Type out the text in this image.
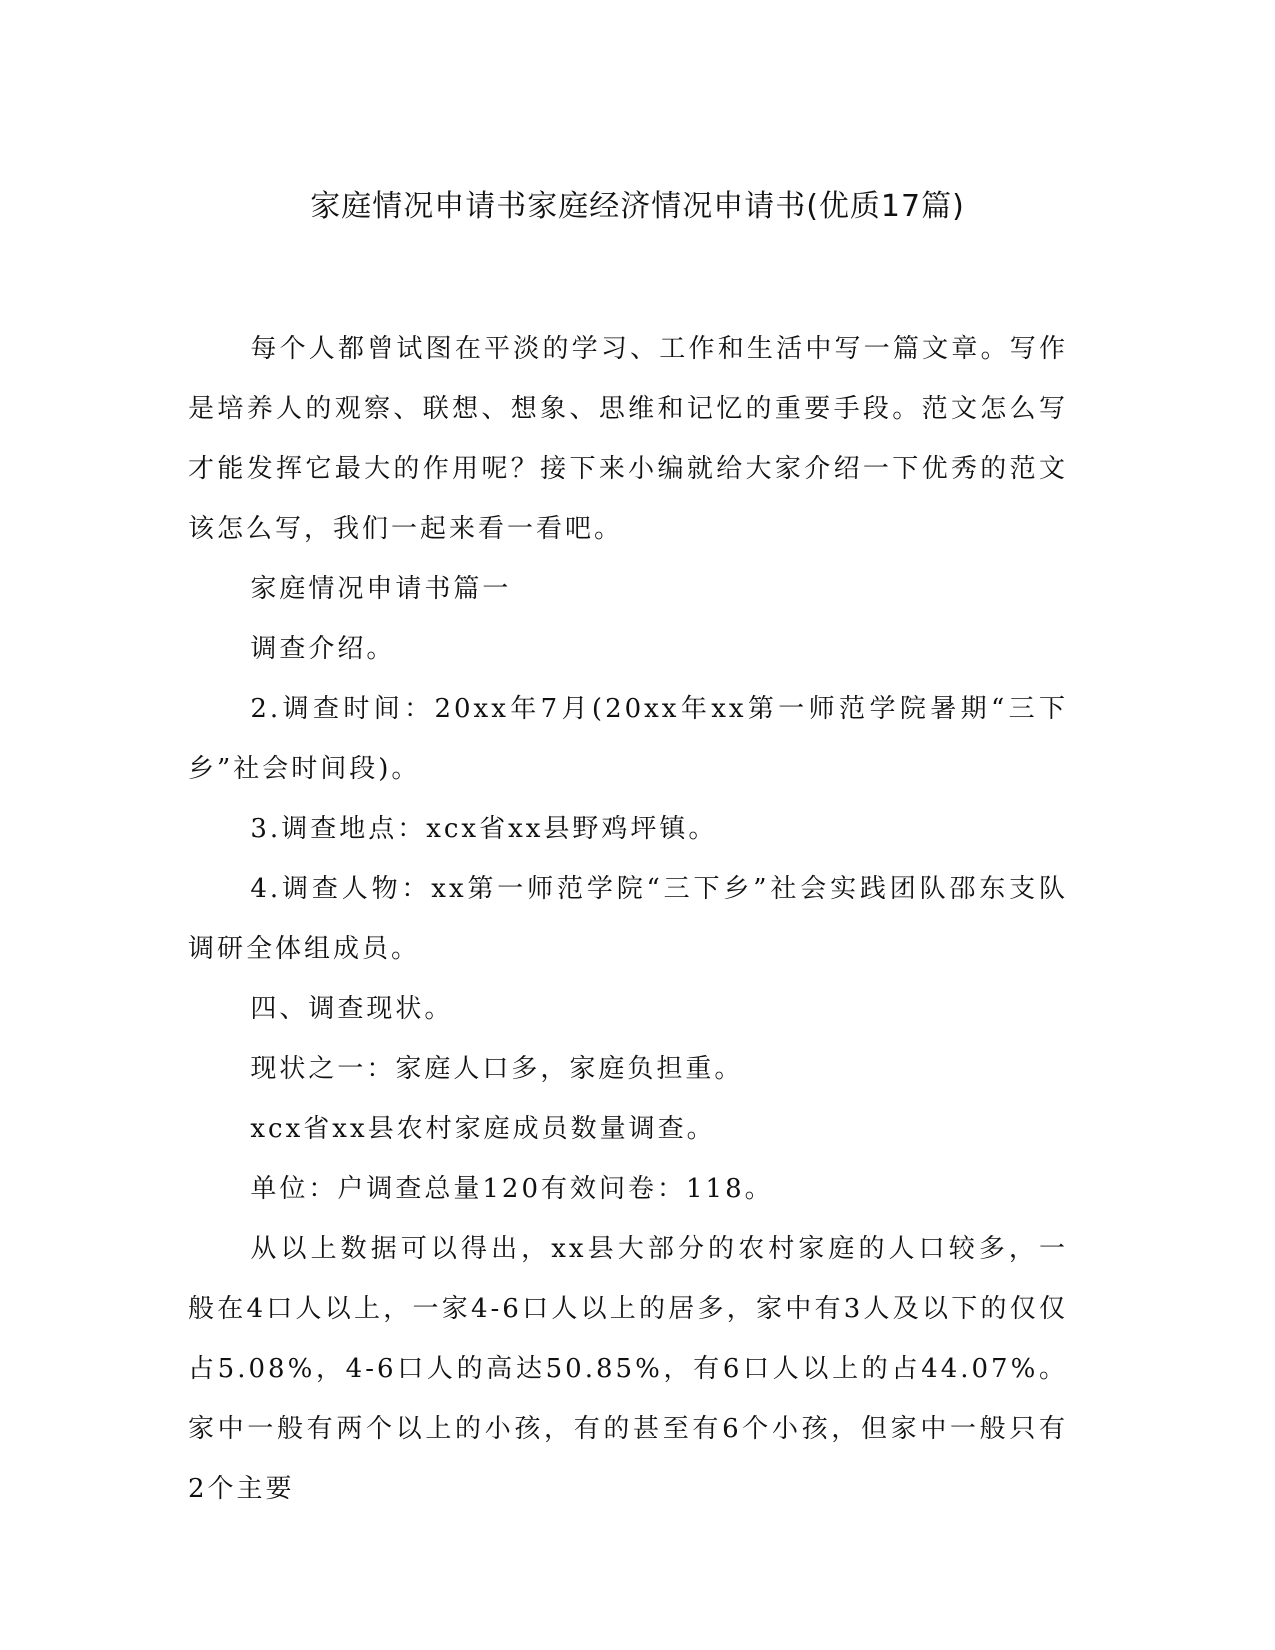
家庭情况申请书家庭经济情况申请书(优质17篇)

每个人都曾试图在平淡的学习、工作和生活中写一篇文章。写作是培养人的观察、联想、想象、思维和记忆的重要手段。范文怎么写才能发挥它最大的作用呢？接下来小编就给大家介绍一下优秀的范文该怎么写，我们一起来看一看吧。

家庭情况申请书篇一

调查介绍。

2.调查时间：20xx年7月(20xx年xx第一师范学院暑期“三下乡”社会时间段)。

3.调查地点：xcx省xx县野鸡坪镇。

4.调查人物：xx第一师范学院“三下乡”社会实践团队邵东支队调研全体组成员。

四、调查现状。

现状之一：家庭人口多，家庭负担重。

xcx省xx县农村家庭成员数量调查。

单位：户调查总量120有效问卷：118。

从以上数据可以得出，xx县大部分的农村家庭的人口较多，一般在4口人以上，一家4-6口人以上的居多，家中有3人及以下的仅仅占5.08%，4-6口人的高达50.85%，有6口人以上的占44.07%。家中一般有两个以上的小孩，有的甚至有6个小孩，但家中一般只有2个主要
